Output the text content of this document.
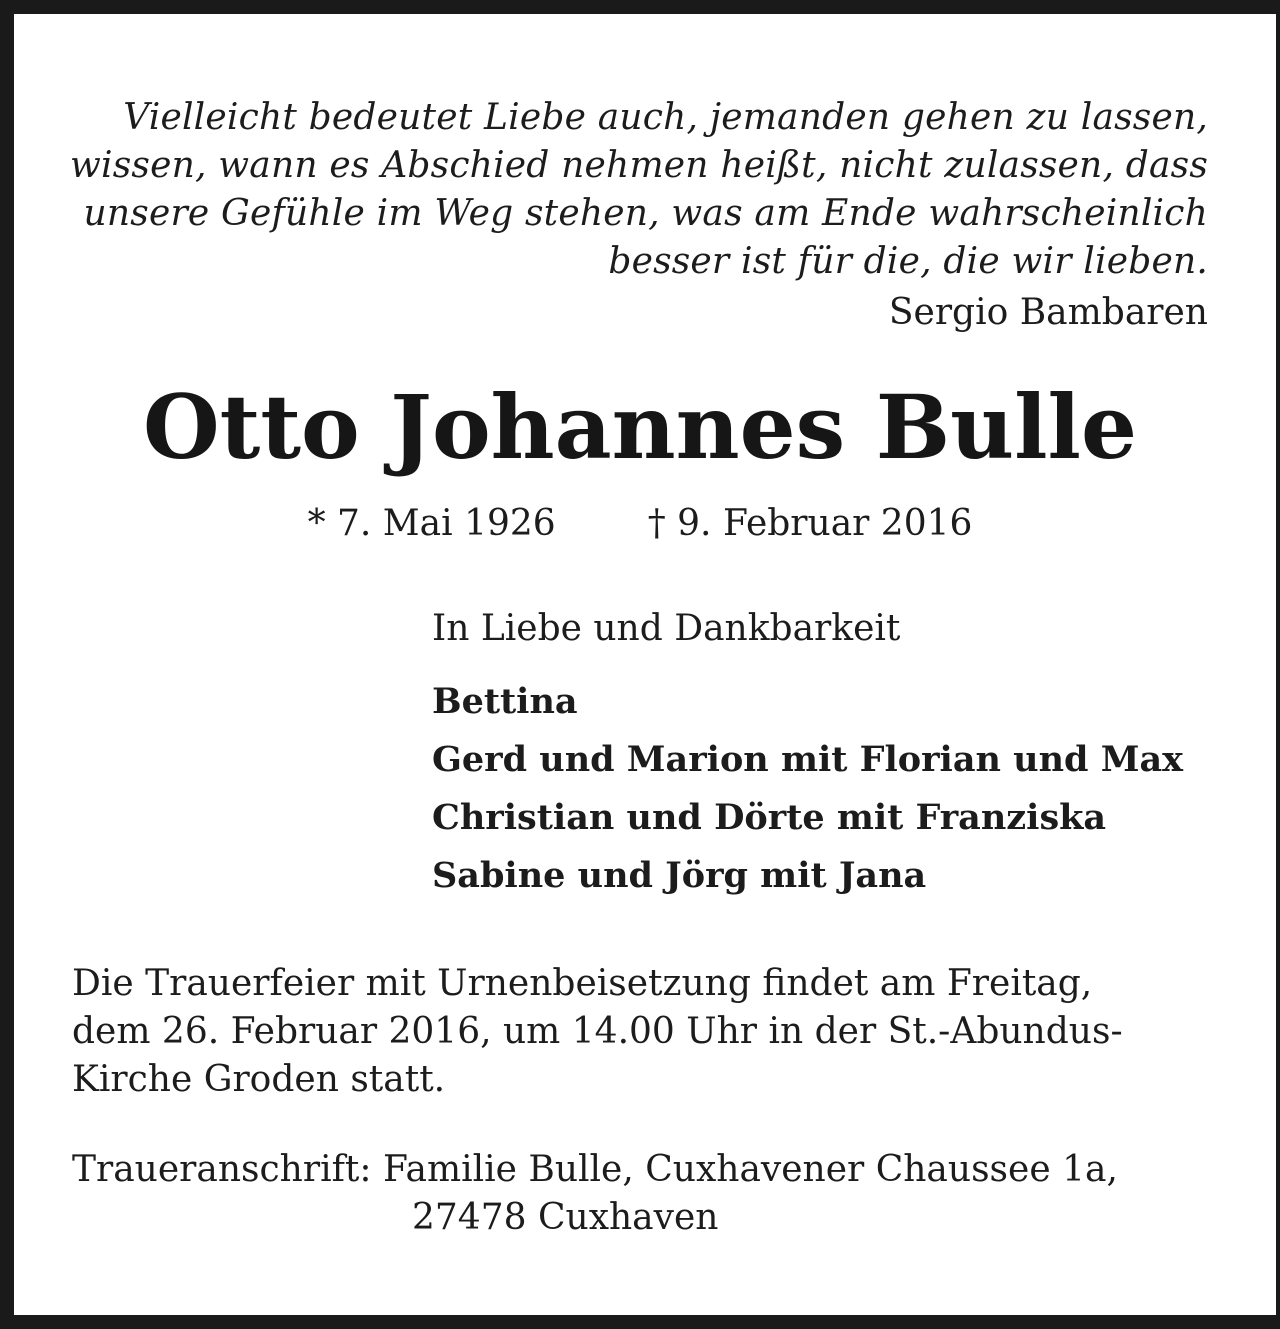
Vielleicht bedeutet Liebe auch, jemanden gehen zu lassen,
wissen, wann es Abschied nehmen heißt, nicht zulassen, dass
unsere Gefühle im Weg stehen, was am Ende wahrscheinlich
besser ist für die, die wir lieben.
Sergio Bambaren
Otto Johannes Bulle
* 7. Mai 1926	† 9. Februar 2016
In Liebe und Dankbarkeit
Bettina
Gerd und Marion mit Florian und Max
Christian und Dörte mit Franziska
Sabine und Jörg mit Jana
Die Trauerfeier mit Urnenbeisetzung findet am Freitag,
dem 26. Februar 2016, um 14.00 Uhr in der St.-Abundus-
Kirche Groden statt.
Traueranschrift: Familie Bulle, Cuxhavener Chaussee 1a,
27478 Cuxhaven
